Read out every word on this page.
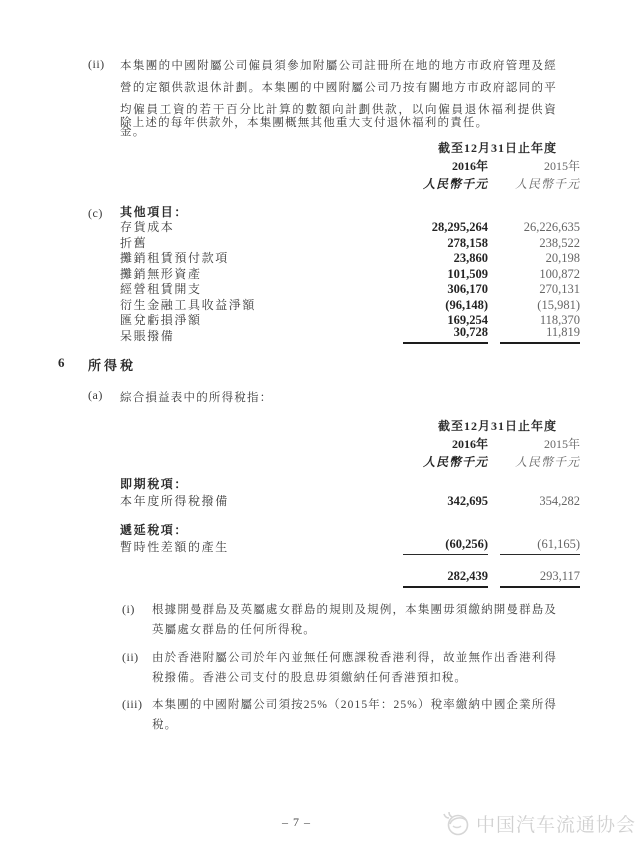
(ii) 本集團的中國附屬公司僱員須參加附屬公司註冊所在地的地方市政府管理及經營的定額供款退休計劃。本集團的中國附屬公司乃按有關地方市政府認同的平均僱員工資的若干百分比計算的數額向計劃供款，以向僱員退休福利提供資金。
除上述的每年供款外，本集團概無其他重大支付退休福利的責任。
截至12月31日止年度
2016年	2015年
人民幣千元	人民幣千元
(c) 其他項目：
存貨成本	28,295,264	26,226,635
折舊	278,158	238,522
攤銷租賃預付款項	23,860	20,198
攤銷無形資產	101,509	100,872
經營租賃開支	306,170	270,131
衍生金融工具收益淨額	(96,148)	(15,981)
匯兌虧損淨額	169,254	118,370
呆賬撥備	30,728	11,819
6 所得稅
(a) 綜合損益表中的所得稅指：
截至12月31日止年度
2016年	2015年
人民幣千元	人民幣千元
即期稅項：
本年度所得稅撥備	342,695	354,282
遞延稅項：
暫時性差額的產生	(60,256)	(61,165)
282,439	293,117
(i) 根據開曼群島及英屬處女群島的規則及規例，本集團毋須繳納開曼群島及英屬處女群島的任何所得稅。
(ii) 由於香港附屬公司於年內並無任何應課稅香港利得，故並無作出香港利得稅撥備。香港公司支付的股息毋須繳納任何香港預扣稅。
(iii) 本集團的中國附屬公司須按25%（2015年：25%）稅率繳納中國企業所得稅。
– 7 –	中国汽车流通协会
